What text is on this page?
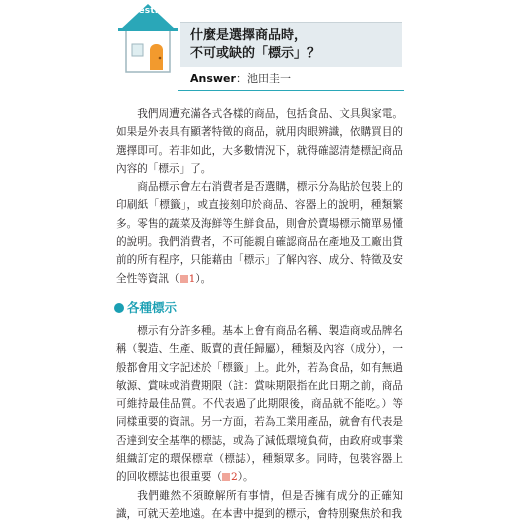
Question
什麼是選擇商品時，
不可或缺的「標示」？
Answer：池田圭一

我們周遭充滿各式各樣的商品，包括食品、文具與家電。如果是外表具有顯著特徵的商品，就用肉眼辨識，依購買目的選擇即可。若非如此，大多數情況下，就得確認清楚標記商品內容的「標示」了。

商品標示會左右消費者是否選購，標示分為貼於包裝上的印刷紙「標籤」，或直接刻印於商品、容器上的說明，種類繁多。零售的蔬菜及海鮮等生鮮食品，則會於賣場標示簡單易懂的說明。我們消費者，不可能親自確認商品在產地及工廠出貨前的所有程序，只能藉由「標示」了解內容、成分、特徵及安全性等資訊（ 1）。

各種標示

標示有分許多種。基本上會有商品名稱、製造商或品牌名稱（製造、生產、販賣的責任歸屬），種類及內容（成分），一般都會用文字記述於「標籤」上。此外，若為食品，如有無過敏源、賞味或消費期限（註：賞味期限指在此日期之前，商品可維持最佳品質。不代表過了此期限後，商品就不能吃。）等同樣重要的資訊。另一方面，若為工業用產品，就會有代表是否達到安全基準的標誌，或為了減低環境負荷，由政府或事業組織訂定的環保標章（標誌），種類眾多。同時，包裝容器上的回收標誌也很重要（ 2）。

我們雖然不須瞭解所有事情，但是否擁有成分的正確知識，可就天差地遠。在本書中提到的標示，會特別聚焦於和我
